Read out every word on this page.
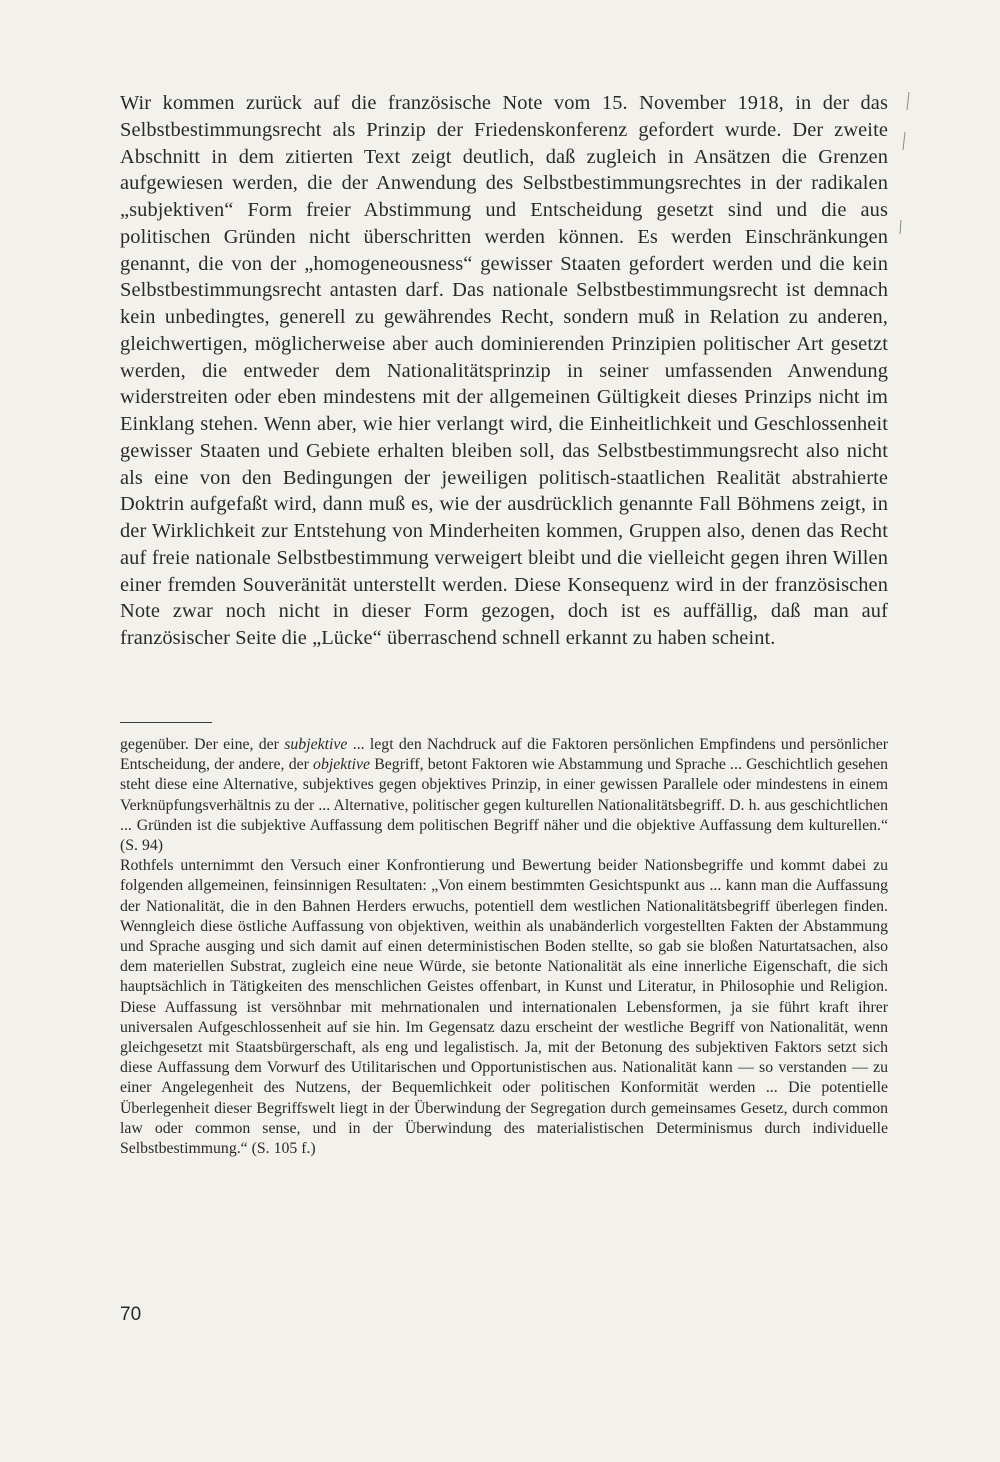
Wir kommen zurück auf die französische Note vom 15. November 1918, in der das Selbstbestimmungsrecht als Prinzip der Friedenskonferenz gefordert wurde. Der zweite Abschnitt in dem zitierten Text zeigt deutlich, daß zugleich in Ansätzen die Grenzen aufgewiesen werden, die der Anwendung des Selbstbestimmungsrechtes in der radikalen „subjektiven“ Form freier Abstimmung und Entscheidung gesetzt sind und die aus politischen Gründen nicht überschritten werden können. Es werden Einschränkungen genannt, die von der „homogeneousness“ gewisser Staaten gefordert werden und die kein Selbstbestimmungsrecht antasten darf. Das nationale Selbstbestimmungsrecht ist demnach kein unbedingtes, generell zu gewährendes Recht, sondern muß in Relation zu anderen, gleichwertigen, möglicherweise aber auch dominierenden Prinzipien politischer Art gesetzt werden, die entweder dem Nationalitätsprinzip in seiner umfassenden Anwendung widerstreiten oder eben mindestens mit der allgemeinen Gültigkeit dieses Prinzips nicht im Einklang stehen. Wenn aber, wie hier verlangt wird, die Einheitlichkeit und Geschlossenheit gewisser Staaten und Gebiete erhalten bleiben soll, das Selbstbestimmungsrecht also nicht als eine von den Bedingungen der jeweiligen politisch-staatlichen Realität abstrahierte Doktrin aufgefaßt wird, dann muß es, wie der ausdrücklich genannte Fall Böhmens zeigt, in der Wirklichkeit zur Entstehung von Minderheiten kommen, Gruppen also, denen das Recht auf freie nationale Selbstbestimmung verweigert bleibt und die vielleicht gegen ihren Willen einer fremden Souveränität unterstellt werden. Diese Konsequenz wird in der französischen Note zwar noch nicht in dieser Form gezogen, doch ist es auffällig, daß man auf französischer Seite die „Lücke“ überraschend schnell erkannt zu haben scheint.

gegenüber. Der eine, der subjektive ... legt den Nachdruck auf die Faktoren persönlichen Empfindens und persönlicher Entscheidung, der andere, der objektive Begriff, betont Faktoren wie Abstammung und Sprache ... Geschichtlich gesehen steht diese eine Alternative, subjektives gegen objektives Prinzip, in einer gewissen Parallele oder mindestens in einem Verknüpfungsverhältnis zu der ... Alternative, politischer gegen kulturellen Nationalitätsbegriff. D. h. aus geschichtlichen ... Gründen ist die subjektive Auffassung dem politischen Begriff näher und die objektive Auffassung dem kulturellen.“ (S. 94)

Rothfels unternimmt den Versuch einer Konfrontierung und Bewertung beider Nationsbegriffe und kommt dabei zu folgenden allgemeinen, feinsinnigen Resultaten: „Von einem bestimmten Gesichtspunkt aus ... kann man die Auffassung der Nationalität, die in den Bahnen Herders erwuchs, potentiell dem westlichen Nationalitätsbegriff überlegen finden. Wenngleich diese östliche Auffassung von objektiven, weithin als unabänderlich vorgestellten Fakten der Abstammung und Sprache ausging und sich damit auf einen deterministischen Boden stellte, so gab sie bloßen Naturtatsachen, also dem materiellen Substrat, zugleich eine neue Würde, sie betonte Nationalität als eine innerliche Eigenschaft, die sich hauptsächlich in Tätigkeiten des menschlichen Geistes offenbart, in Kunst und Literatur, in Philosophie und Religion. Diese Auffassung ist versöhnbar mit mehrnationalen und internationalen Lebensformen, ja sie führt kraft ihrer universalen Aufgeschlossenheit auf sie hin. Im Gegensatz dazu erscheint der westliche Begriff von Nationalität, wenn gleichgesetzt mit Staatsbürgerschaft, als eng und legalistisch. Ja, mit der Betonung des subjektiven Faktors setzt sich diese Auffassung dem Vorwurf des Utilitarischen und Opportunistischen aus. Nationalität kann — so verstanden — zu einer Angelegenheit des Nutzens, der Bequemlichkeit oder politischen Konformität werden ... Die potentielle Überlegenheit dieser Begriffswelt liegt in der Überwindung der Segregation durch gemeinsames Gesetz, durch common law oder common sense, und in der Überwindung des materialistischen Determinismus durch individuelle Selbstbestimmung.“ (S. 105 f.)

70
